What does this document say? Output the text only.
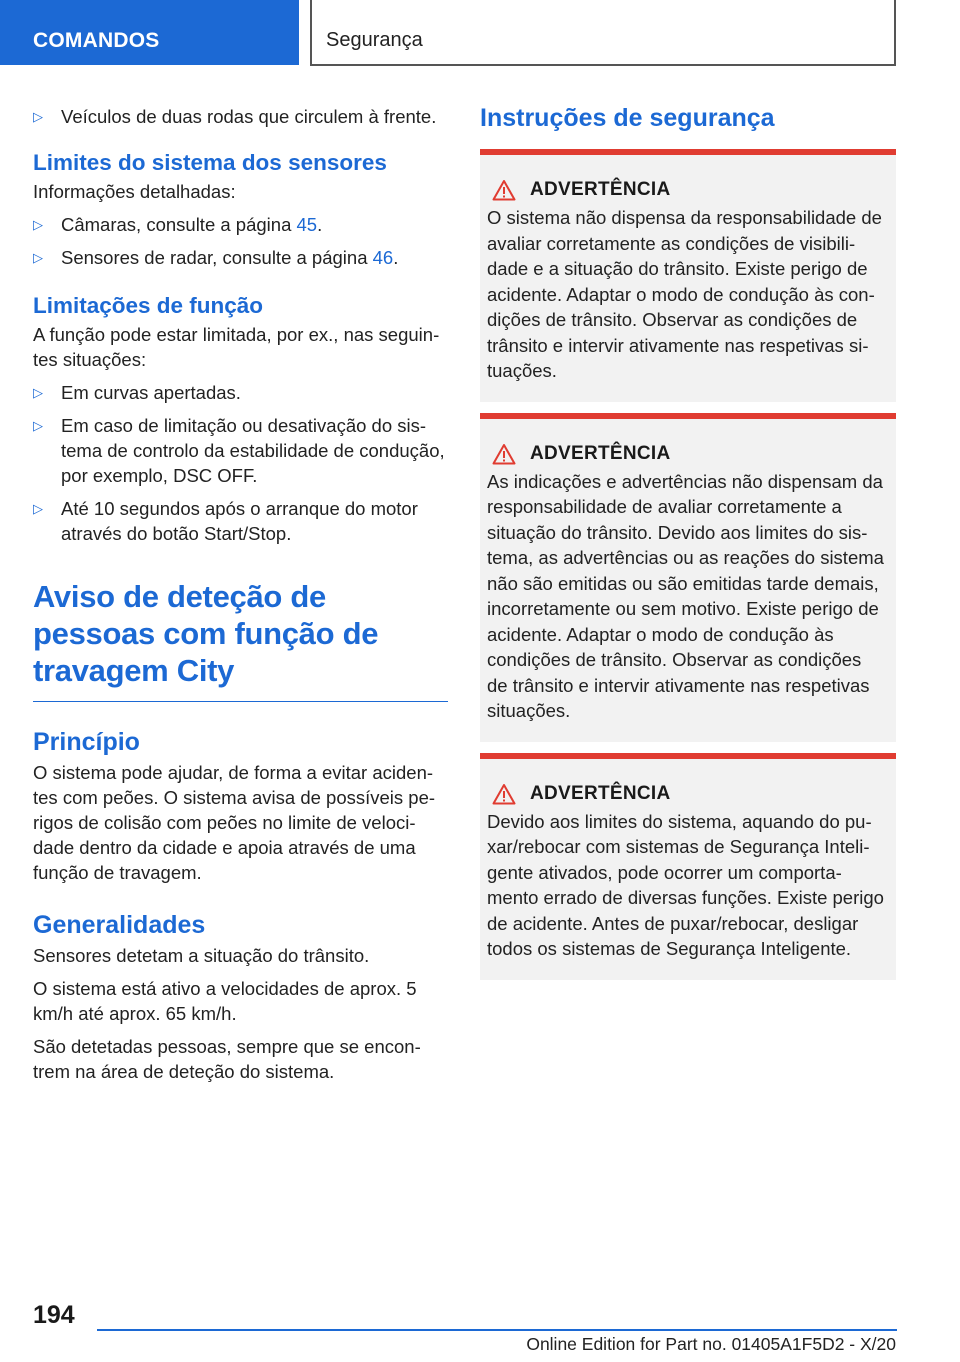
COMANDOS	Segurança
▷ Veículos de duas rodas que circulem à frente.
Limites do sistema dos sensores
Informações detalhadas:
▷ Câmaras, consulte a página 45.
▷ Sensores de radar, consulte a página 46.
Limitações de função
A função pode estar limitada, por ex., nas seguintes situações:
▷ Em curvas apertadas.
▷ Em caso de limitação ou desativação do sistema de controlo da estabilidade de condução, por exemplo, DSC OFF.
▷ Até 10 segundos após o arranque do motor através do botão Start/Stop.
Aviso de deteção de pessoas com função de travagem City
Princípio
O sistema pode ajudar, de forma a evitar acidentes com peões. O sistema avisa de possíveis perigos de colisão com peões no limite de velocidade dentro da cidade e apoia através de uma função de travagem.
Generalidades
Sensores detetam a situação do trânsito.
O sistema está ativo a velocidades de aprox. 5 km/h até aprox. 65 km/h.
São detetadas pessoas, sempre que se encontrem na área de deteção do sistema.
Instruções de segurança
ADVERTÊNCIA
O sistema não dispensa da responsabilidade de avaliar corretamente as condições de visibilidade e a situação do trânsito. Existe perigo de acidente. Adaptar o modo de condução às condições de trânsito. Observar as condições de trânsito e intervir ativamente nas respetivas situações.
ADVERTÊNCIA
As indicações e advertências não dispensam da responsabilidade de avaliar corretamente a situação do trânsito. Devido aos limites do sistema, as advertências ou as reações do sistema não são emitidas ou são emitidas tarde demais, incorretamente ou sem motivo. Existe perigo de acidente. Adaptar o modo de condução às condições de trânsito. Observar as condições de trânsito e intervir ativamente nas respetivas situações.
ADVERTÊNCIA
Devido aos limites do sistema, aquando do puxar/rebocar com sistemas de Segurança Inteligente ativados, pode ocorrer um comportamento errado de diversas funções. Existe perigo de acidente. Antes de puxar/rebocar, desligar todos os sistemas de Segurança Inteligente.
194
Online Edition for Part no. 01405A1F5D2 - X/20
